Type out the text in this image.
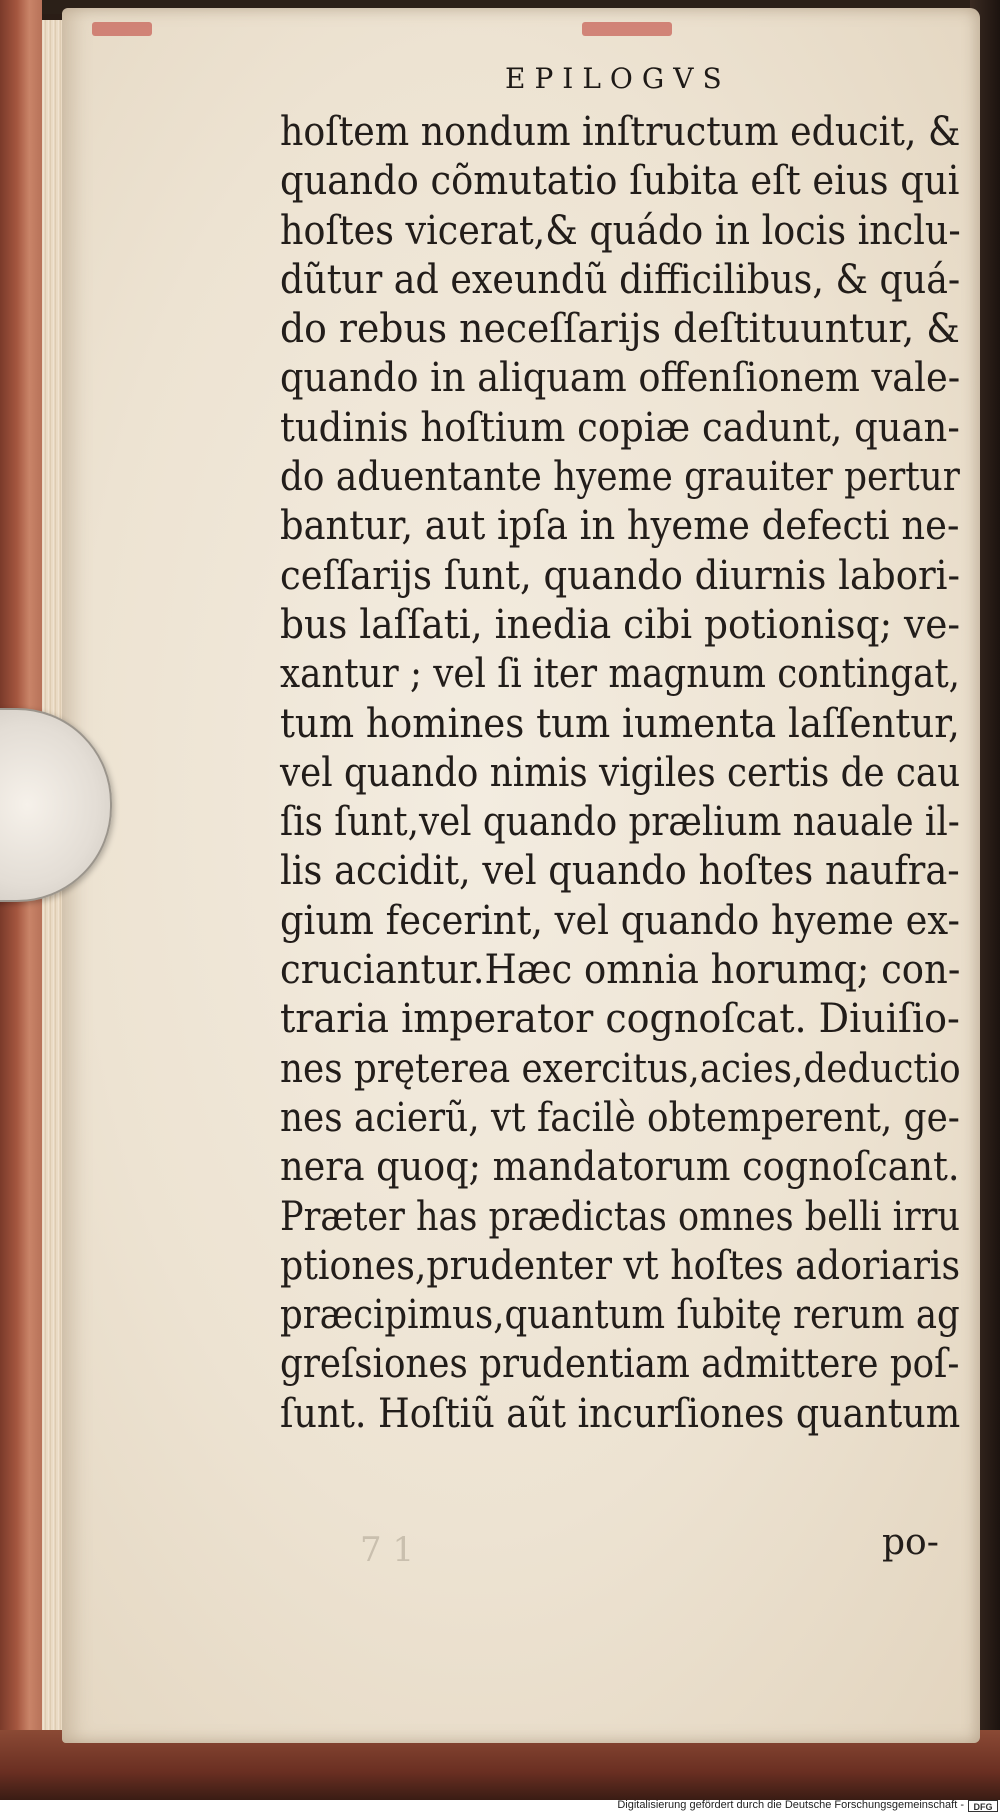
EPILOGVS
hoſtem nondum inſtructum educit, &
quando cõmutatio ſubita eſt eius qui
hoſtes vicerat,& quádo in locis inclu-
dũtur ad exeundũ difficilibus, & quá-
do rebus neceſſarijs deſtituuntur, &
quando in aliquam offenſionem vale-
tudinis hoſtium copiæ cadunt, quan-
do aduentante hyeme grauiter pertur
bantur, aut ipſa in hyeme defecti ne-
ceſſarijs ſunt, quando diurnis labori-
bus laſſati, inedia cibi potionisq; ve-
xantur ; vel ſi iter magnum contingat,
tum homines tum iumenta laſſentur,
vel quando nimis vigiles certis de cau
ſis ſunt,vel quando prælium nauale il-
lis accidit, vel quando hoſtes naufra-
gium fecerint, vel quando hyeme ex-
cruciantur.Hæc omnia horumq; con-
traria imperator cognoſcat. Diuiſio-
nes prętereа exercitus,acies,deductio
nes acierũ, vt facilè obtemperent, ge-
nera quoq; mandatorum cognoſcant.
Præter has prædictas omnes belli irru
ptiones,prudenter vt hoſtes adoriaris
præcipimus,quantum ſubitę rerum ag
greſsiones prudentiam admittere poſ-
ſunt. Hoſtiũ aũt incurſiones quantum
7 1	po-
Digitalisierung gefördert durch die Deutsche Forschungsgemeinschaft -	DFG
